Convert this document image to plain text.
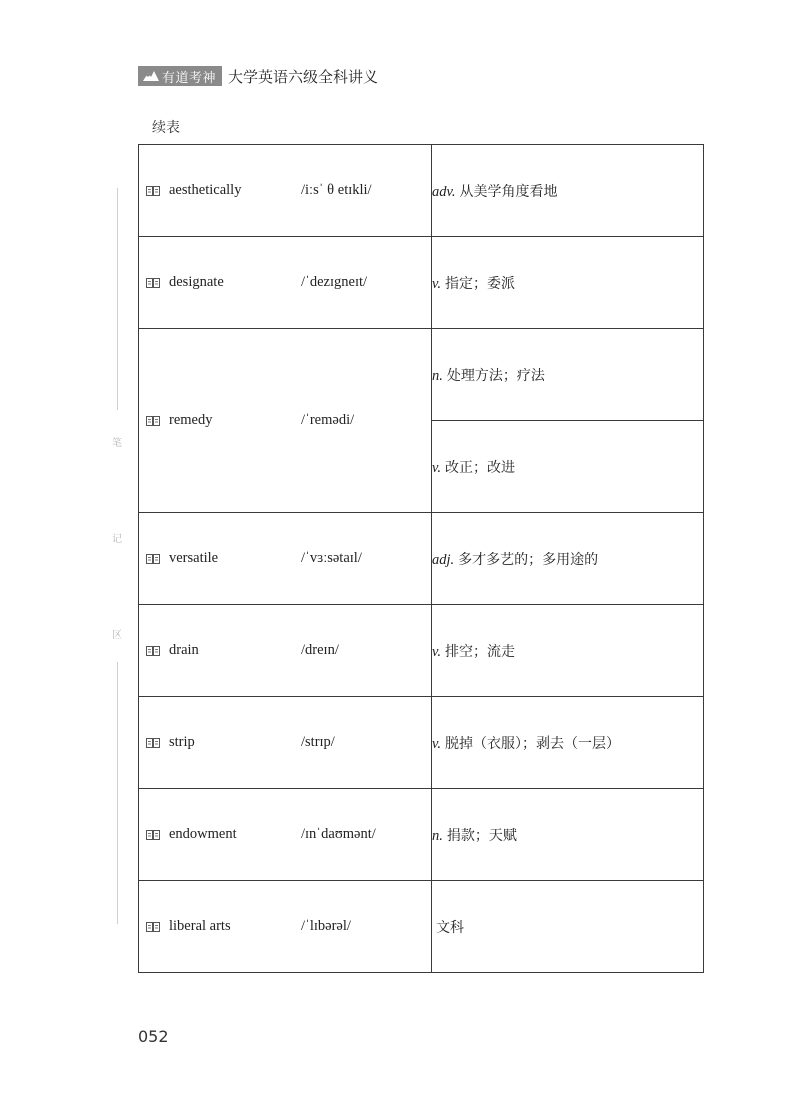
有道考神 大学英语六级全科讲义
续表
笔
记
区
aesthetically /iːsˈ θ etɪkli/	adv. 从美学角度看地

designate /ˈdezɪgneɪt/	v. 指定；委派

remedy /ˈremədi/	n. 处理方法；疗法
	v. 改正；改进

versatile /ˈvɜːsətaɪl/	adj. 多才多艺的；多用途的

drain /dreɪn/	v. 排空；流走

strip /strɪp/	v. 脱掉（衣服）；剥去（一层）

endowment /ɪnˈdaʊmənt/	n. 捐款；天赋

liberal arts /ˈlɪbərəl/	文科
052
